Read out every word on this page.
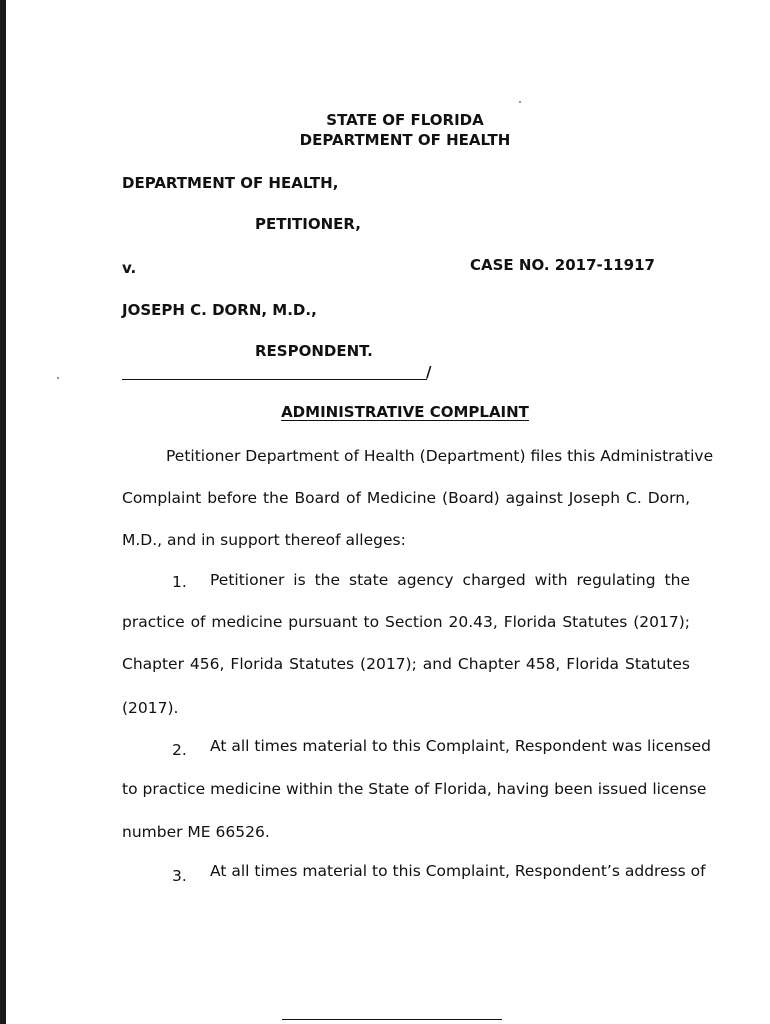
STATE OF FLORIDA
DEPARTMENT OF HEALTH
DEPARTMENT OF HEALTH,
PETITIONER,
v.	CASE NO. 2017-11917
JOSEPH C. DORN, M.D.,
RESPONDENT.
/
ADMINISTRATIVE COMPLAINT
Petitioner Department of Health (Department) files this Administrative
Complaint before the Board of Medicine (Board) against Joseph C. Dorn,
M.D., and in support thereof alleges:
1. Petitioner is the state agency charged with regulating the
practice of medicine pursuant to Section 20.43, Florida Statutes (2017);
Chapter 456, Florida Statutes (2017); and Chapter 458, Florida Statutes
(2017).
2. At all times material to this Complaint, Respondent was licensed
to practice medicine within the State of Florida, having been issued license
number ME 66526.
3. At all times material to this Complaint, Respondent’s address of
